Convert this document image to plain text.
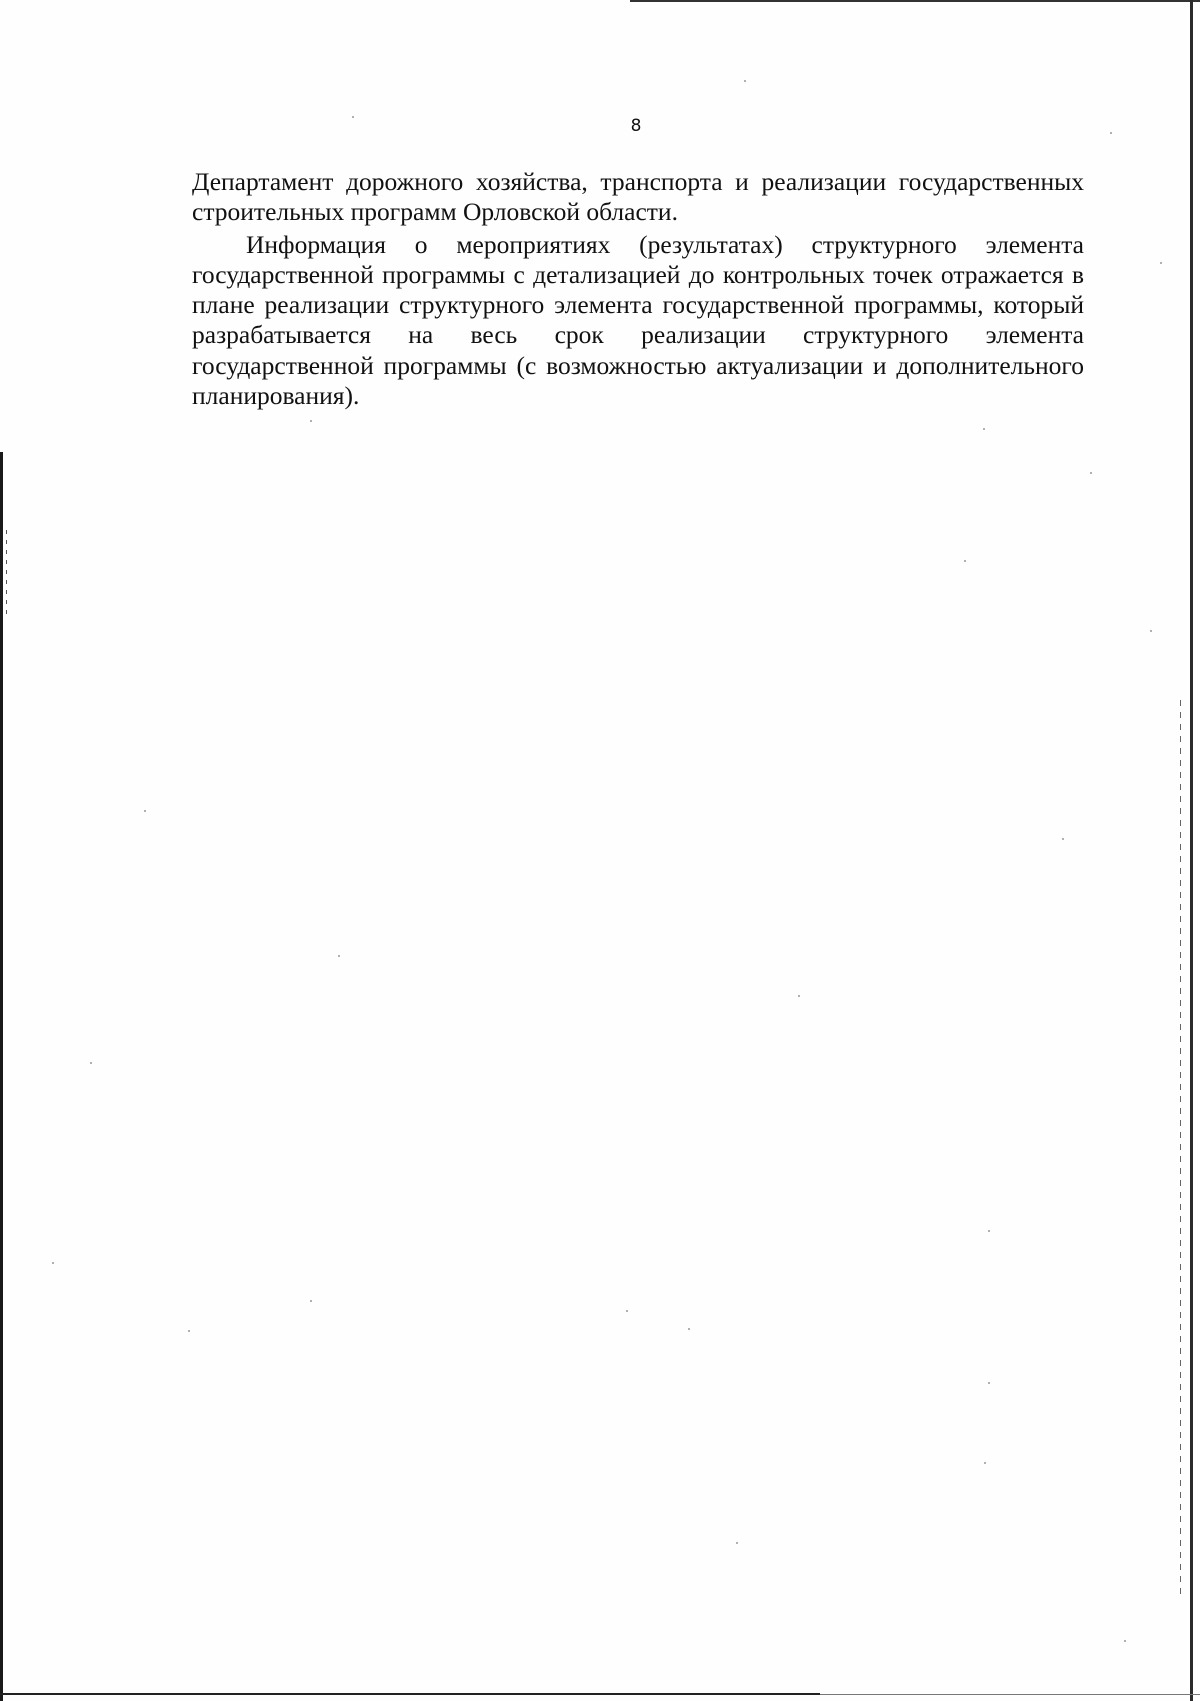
8

Департамент дорожного хозяйства, транспорта и реализации государственных строительных программ Орловской области.

Информация о мероприятиях (результатах) структурного элемента государственной программы с детализацией до контрольных точек отражается в плане реализации структурного элемента государственной программы, который разрабатывается на весь срок реализации структурного элемента государственной программы (с возможностью актуализации и дополнительного планирования).
